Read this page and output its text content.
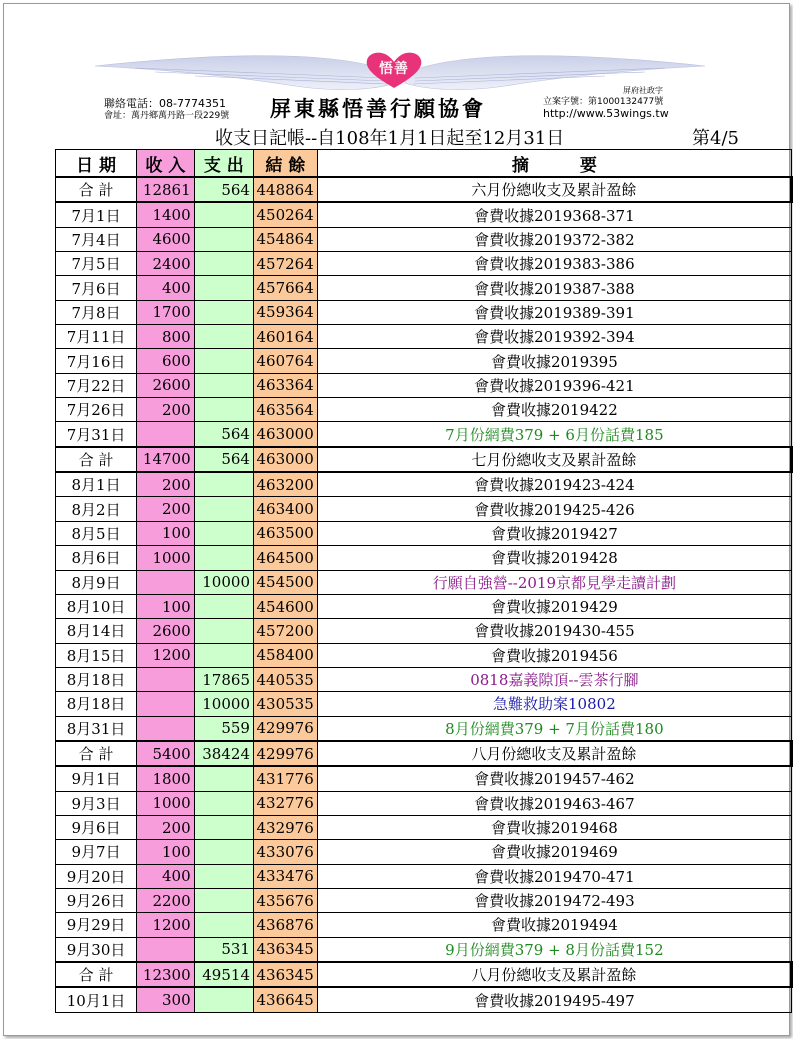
悟善
聯絡電話：08-7774351
會址：萬丹鄉萬丹路一段229號 屏東縣悟善行願協會
屏府社政字
立案字號：第1000132477號
http://www.53wings.tw
收支日記帳--自108年1月1日起至12月31日	第4/5
日 期	收 入	支 出	結 餘	摘　　　要
合 計	12861	564	448864	六月份總收支及累計盈餘
7月1日	1400		450264	會費收據2019368-371
7月4日	4600		454864	會費收據2019372-382
7月5日	2400		457264	會費收據2019383-386
7月6日	400		457664	會費收據2019387-388
7月8日	1700		459364	會費收據2019389-391
7月11日	800		460164	會費收據2019392-394
7月16日	600		460764	會費收據2019395
7月22日	2600		463364	會費收據2019396-421
7月26日	200		463564	會費收據2019422
7月31日		564	463000	7月份網費379 + 6月份話費185
合 計	14700	564	463000	七月份總收支及累計盈餘
8月1日	200		463200	會費收據2019423-424
8月2日	200		463400	會費收據2019425-426
8月5日	100		463500	會費收據2019427
8月6日	1000		464500	會費收據2019428
8月9日		10000	454500	行願自強營--2019京都見學走讀計劃
8月10日	100		454600	會費收據2019429
8月14日	2600		457200	會費收據2019430-455
8月15日	1200		458400	會費收據2019456
8月18日		17865	440535	0818嘉義隙頂--雲茶行腳
8月18日		10000	430535	急難救助案10802
8月31日		559	429976	8月份網費379 + 7月份話費180
合 計	5400	38424	429976	八月份總收支及累計盈餘
9月1日	1800		431776	會費收據2019457-462
9月3日	1000		432776	會費收據2019463-467
9月6日	200		432976	會費收據2019468
9月7日	100		433076	會費收據2019469
9月20日	400		433476	會費收據2019470-471
9月26日	2200		435676	會費收據2019472-493
9月29日	1200		436876	會費收據2019494
9月30日		531	436345	9月份網費379 + 8月份話費152
合 計	12300	49514	436345	八月份總收支及累計盈餘
10月1日	300		436645	會費收據2019495-497
